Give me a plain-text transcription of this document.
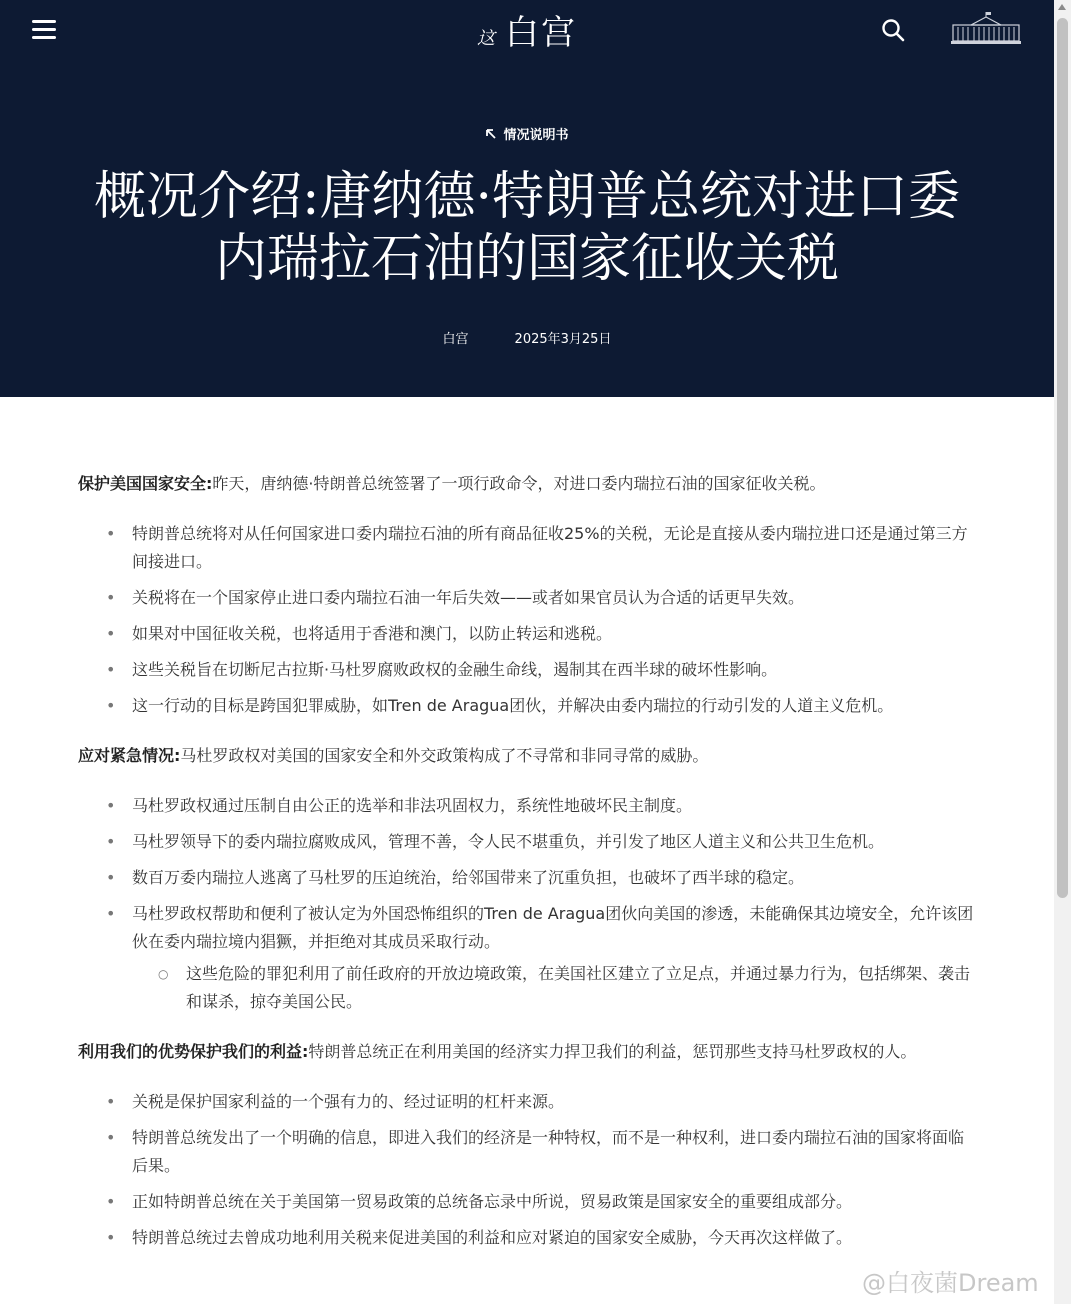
这 白宫
情况说明书
概况介绍:唐纳德·特朗普总统对进口委内瑞拉石油的国家征收关税
白宫	2025年3月25日

保护美国国家安全:昨天，唐纳德·特朗普总统签署了一项行政命令，对进口委内瑞拉石油的国家征收关税。

• 特朗普总统将对从任何国家进口委内瑞拉石油的所有商品征收25%的关税，无论是直接从委内瑞拉进口还是通过第三方间接进口。
• 关税将在一个国家停止进口委内瑞拉石油一年后失效——或者如果官员认为合适的话更早失效。
• 如果对中国征收关税，也将适用于香港和澳门，以防止转运和逃税。
• 这些关税旨在切断尼古拉斯·马杜罗腐败政权的金融生命线，遏制其在西半球的破坏性影响。
• 这一行动的目标是跨国犯罪威胁，如Tren de Aragua团伙，并解决由委内瑞拉的行动引发的人道主义危机。

应对紧急情况:马杜罗政权对美国的国家安全和外交政策构成了不寻常和非同寻常的威胁。

• 马杜罗政权通过压制自由公正的选举和非法巩固权力，系统性地破坏民主制度。
• 马杜罗领导下的委内瑞拉腐败成风，管理不善，令人民不堪重负，并引发了地区人道主义和公共卫生危机。
• 数百万委内瑞拉人逃离了马杜罗的压迫统治，给邻国带来了沉重负担，也破坏了西半球的稳定。
• 马杜罗政权帮助和便利了被认定为外国恐怖组织的Tren de Aragua团伙向美国的渗透，未能确保其边境安全，允许该团伙在委内瑞拉境内猖獗，并拒绝对其成员采取行动。
○ 这些危险的罪犯利用了前任政府的开放边境政策，在美国社区建立了立足点，并通过暴力行为，包括绑架、袭击和谋杀，掠夺美国公民。

利用我们的优势保护我们的利益:特朗普总统正在利用美国的经济实力捍卫我们的利益，惩罚那些支持马杜罗政权的人。

• 关税是保护国家利益的一个强有力的、经过证明的杠杆来源。
• 特朗普总统发出了一个明确的信息，即进入我们的经济是一种特权，而不是一种权利，进口委内瑞拉石油的国家将面临后果。
• 正如特朗普总统在关于美国第一贸易政策的总统备忘录中所说，贸易政策是国家安全的重要组成部分。
• 特朗普总统过去曾成功地利用关税来促进美国的利益和应对紧迫的国家安全威胁，今天再次这样做了。
@白夜菌Dream
